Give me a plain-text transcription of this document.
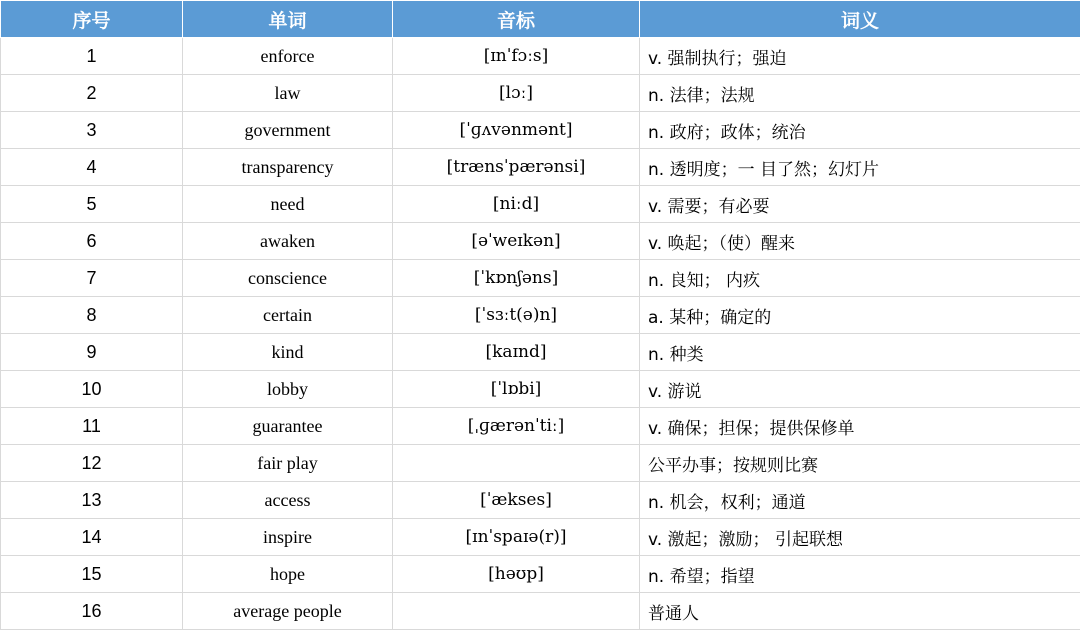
序号	单词	音标	词义
1	enforce	[ɪnˈfɔːs]	v. 强制执行；强迫
2	law	[lɔː]	n. 法律；法规
3	government	[ˈɡʌvənmənt]	n. 政府；政体；统治
4	transparency	[trænsˈpærənsi]	n. 透明度；一 目了然；幻灯片
5	need	[niːd]	v. 需要；有必要
6	awaken	[əˈweɪkən]	v. 唤起；（使）醒来
7	conscience	[ˈkɒnʃəns]	n. 良知； 内疚
8	certain	[ˈsɜːt(ə)n]	a. 某种；确定的
9	kind	[kaɪnd]	n. 种类
10	lobby	[ˈlɒbi]	v. 游说
11	guarantee	[ˌɡærənˈtiː]	v. 确保；担保；提供保修单
12	fair play		公平办事；按规则比赛
13	access	[ˈækses]	n. 机会，权利；通道
14	inspire	[ɪnˈspaɪə(r)]	v. 激起；激励； 引起联想
15	hope	[həʊp]	n. 希望；指望
16	average people		普通人
